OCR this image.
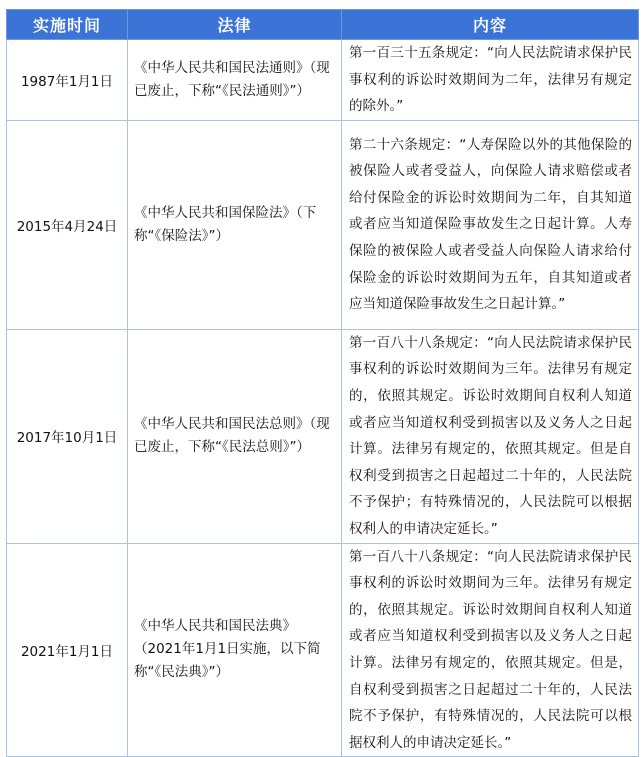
实施时间	法律	内容
1987年1月1日	《中华人民共和国民法通则》（现已废止，下称“《民法通则》”）	第一百三十五条规定：“向人民法院请求保护民事权利的诉讼时效期间为二年，法律另有规定的除外。”
2015年4月24日	《中华人民共和国保险法》（下称“《保险法》”）	第二十六条规定：“人寿保险以外的其他保险的被保险人或者受益人，向保险人请求赔偿或者给付保险金的诉讼时效期间为二年，自其知道或者应当知道保险事故发生之日起计算。人寿保险的被保险人或者受益人向保险人请求给付保险金的诉讼时效期间为五年，自其知道或者应当知道保险事故发生之日起计算。”
2017年10月1日	《中华人民共和国民法总则》（现已废止，下称“《民法总则》”）	第一百八十八条规定：“向人民法院请求保护民事权利的诉讼时效期间为三年。法律另有规定的，依照其规定。诉讼时效期间自权利人知道或者应当知道权利受到损害以及义务人之日起计算。法律另有规定的，依照其规定。但是自权利受到损害之日起超过二十年的，人民法院不予保护；有特殊情况的，人民法院可以根据权利人的申请决定延长。”
2021年1月1日	《中华人民共和国民法典》（2021年1月1日实施，以下简称“《民法典》”）	第一百八十八条规定：“向人民法院请求保护民事权利的诉讼时效期间为三年。法律另有规定的，依照其规定。诉讼时效期间自权利人知道或者应当知道权利受到损害以及义务人之日起计算。法律另有规定的，依照其规定。但是，自权利受到损害之日起超过二十年的，人民法院不予保护，有特殊情况的，人民法院可以根据权利人的申请决定延长。”
